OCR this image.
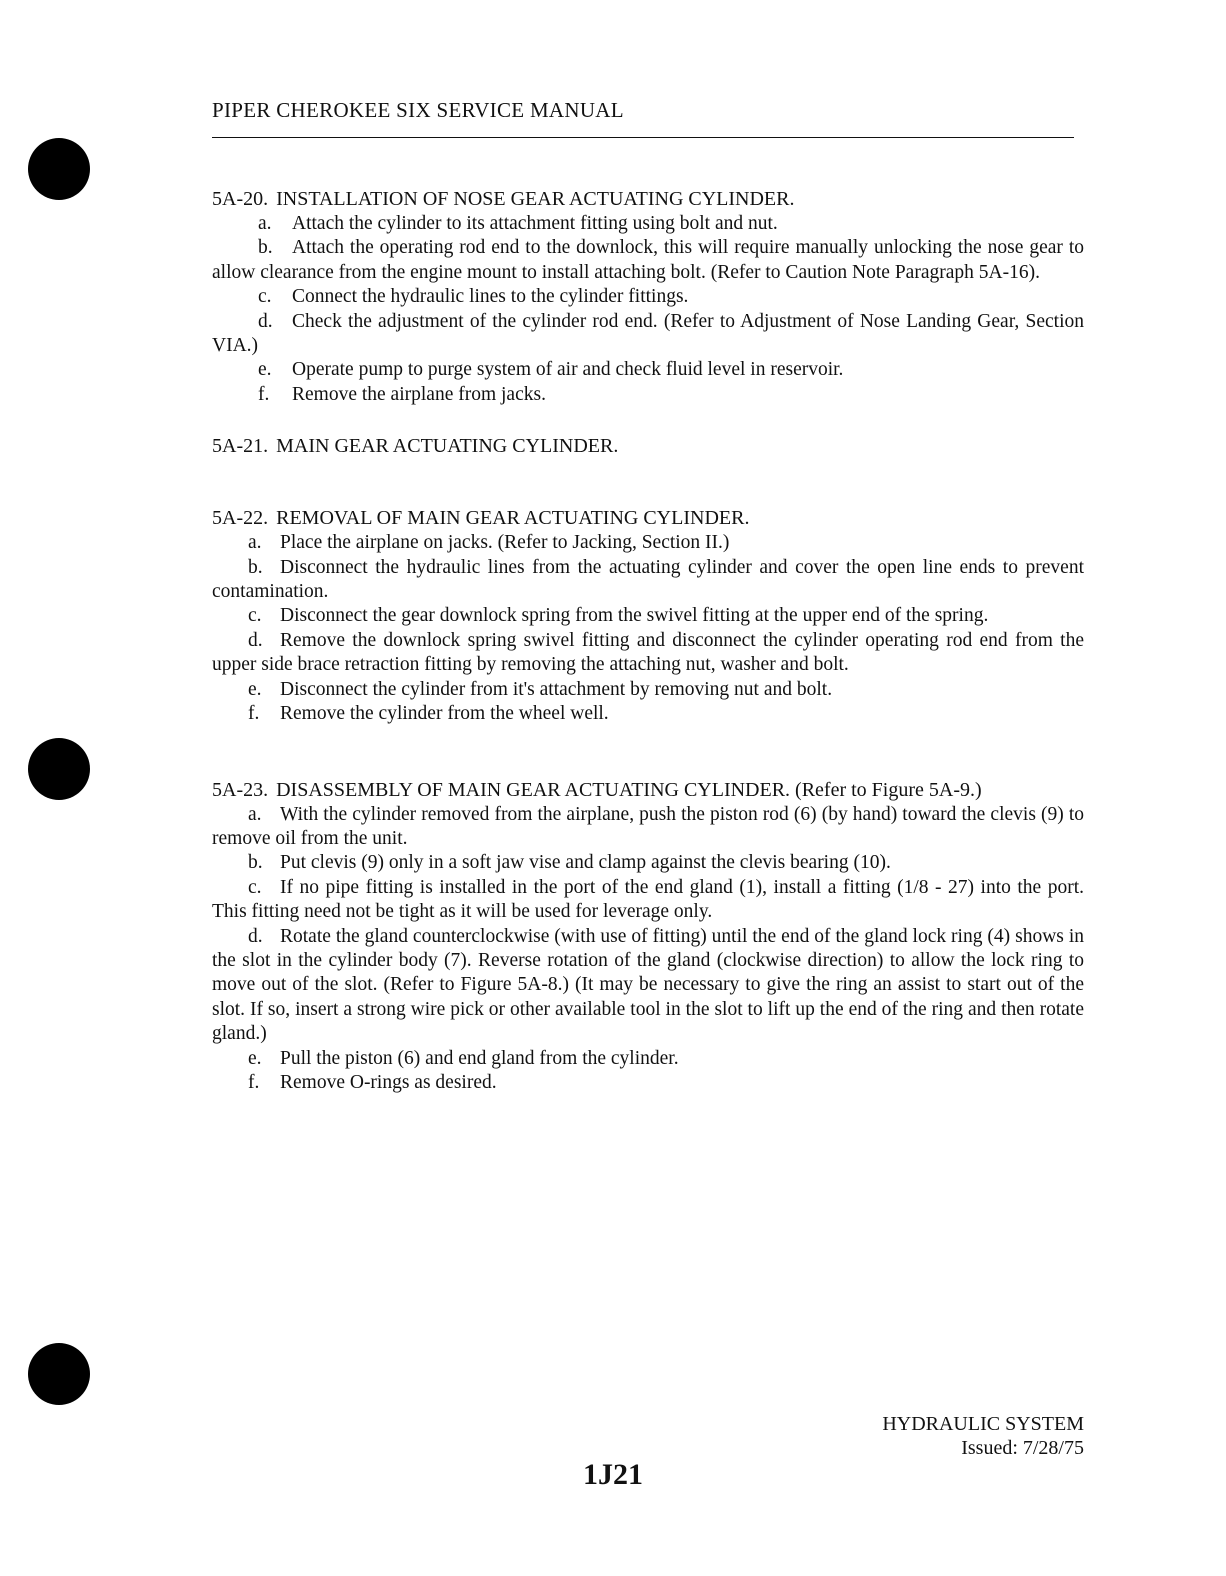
PIPER CHEROKEE SIX SERVICE MANUAL
5A-20. INSTALLATION OF NOSE GEAR ACTUATING CYLINDER.

a. Attach the cylinder to its attachment fitting using bolt and nut.

b. Attach the operating rod end to the downlock, this will require manually unlocking the nose gear to allow clearance from the engine mount to install attaching bolt. (Refer to Caution Note Paragraph 5A-16).

c. Connect the hydraulic lines to the cylinder fittings.

d. Check the adjustment of the cylinder rod end. (Refer to Adjustment of Nose Landing Gear, Section VIA.)

e. Operate pump to purge system of air and check fluid level in reservoir.

f. Remove the airplane from jacks.

5A-21. MAIN GEAR ACTUATING CYLINDER.
5A-22. REMOVAL OF MAIN GEAR ACTUATING CYLINDER.

a. Place the airplane on jacks. (Refer to Jacking, Section II.)

b. Disconnect the hydraulic lines from the actuating cylinder and cover the open line ends to prevent contamination.

c. Disconnect the gear downlock spring from the swivel fitting at the upper end of the spring.

d. Remove the downlock spring swivel fitting and disconnect the cylinder operating rod end from the upper side brace retraction fitting by removing the attaching nut, washer and bolt.

e. Disconnect the cylinder from it's attachment by removing nut and bolt.

f. Remove the cylinder from the wheel well.

5A-23. DISASSEMBLY OF MAIN GEAR ACTUATING CYLINDER. (Refer to Figure 5A-9.)

a. With the cylinder removed from the airplane, push the piston rod (6) (by hand) toward the clevis (9) to remove oil from the unit.

b. Put clevis (9) only in a soft jaw vise and clamp against the clevis bearing (10).

c. If no pipe fitting is installed in the port of the end gland (1), install a fitting (1/8 - 27) into the port. This fitting need not be tight as it will be used for leverage only.

d. Rotate the gland counterclockwise (with use of fitting) until the end of the gland lock ring (4) shows in the slot in the cylinder body (7). Reverse rotation of the gland (clockwise direction) to allow the lock ring to move out of the slot. (Refer to Figure 5A-8.) (It may be necessary to give the ring an assist to start out of the slot. If so, insert a strong wire pick or other available tool in the slot to lift up the end of the ring and then rotate gland.)

e. Pull the piston (6) and end gland from the cylinder.

f. Remove O-rings as desired.

HYDRAULIC SYSTEM
Issued: 7/28/75
1J21
